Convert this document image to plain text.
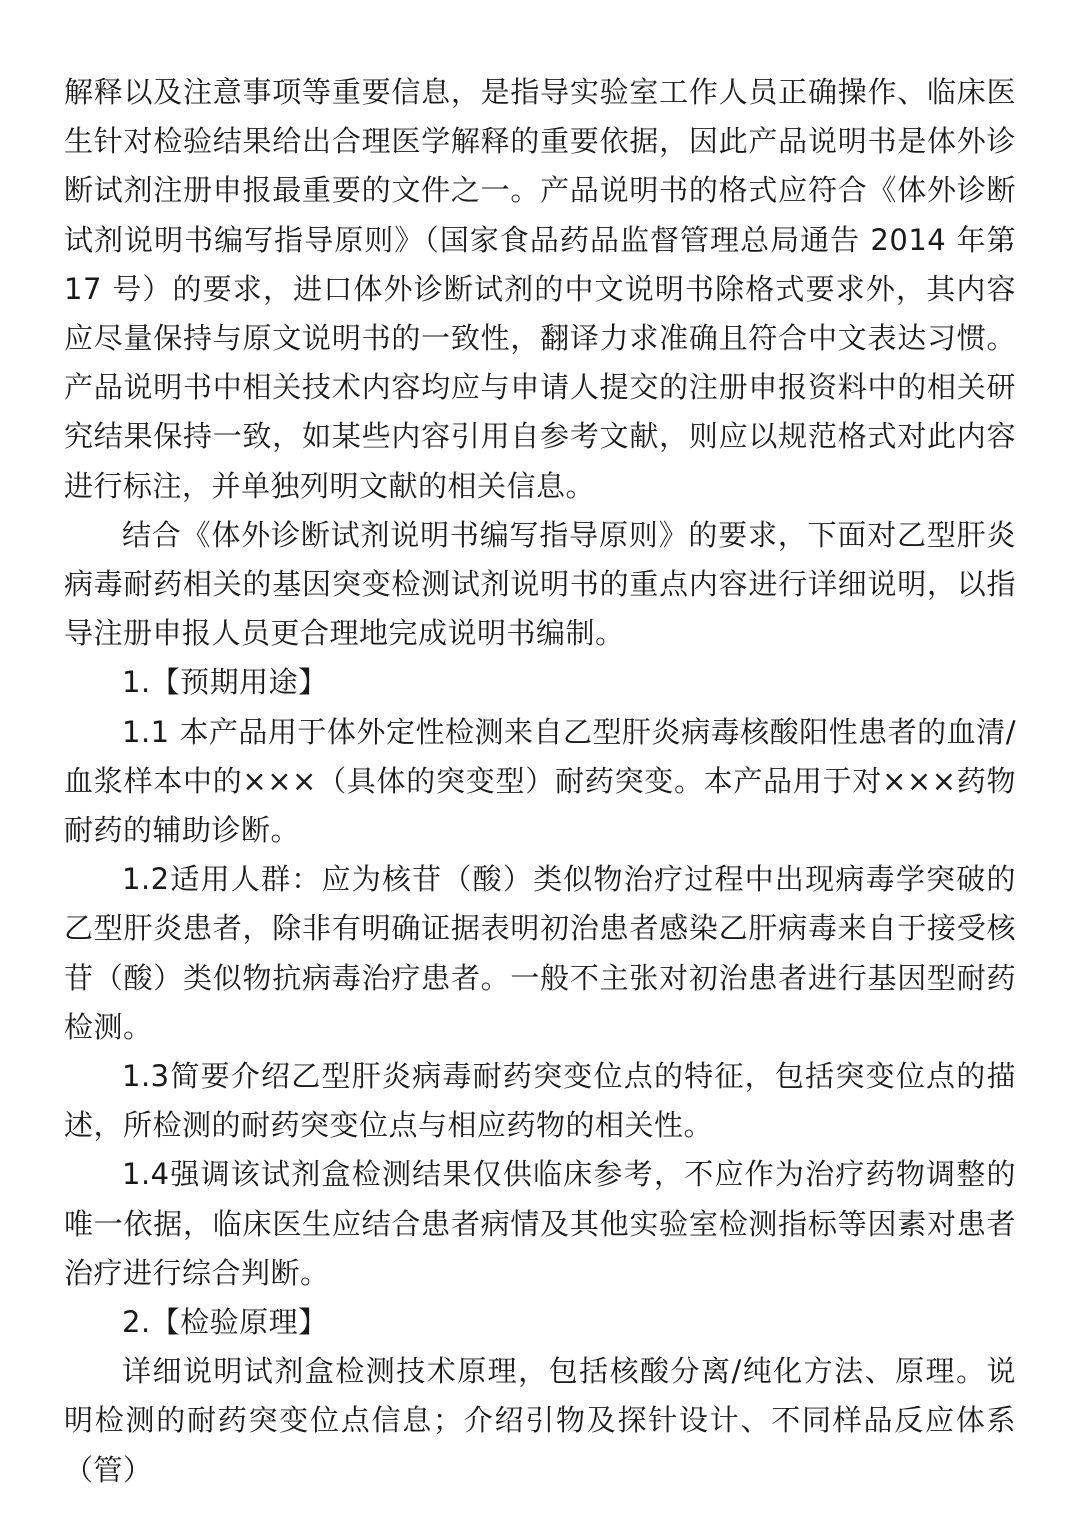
解释以及注意事项等重要信息，是指导实验室工作人员正确操作、临床医生针对检验结果给出合理医学解释的重要依据，因此产品说明书是体外诊断试剂注册申报最重要的文件之一。产品说明书的格式应符合《体外诊断试剂说明书编写指导原则》（国家食品药品监督管理总局通告 2014 年第 17 号）的要求，进口体外诊断试剂的中文说明书除格式要求外，其内容应尽量保持与原文说明书的一致性，翻译力求准确且符合中文表达习惯。产品说明书中相关技术内容均应与申请人提交的注册申报资料中的相关研究结果保持一致，如某些内容引用自参考文献，则应以规范格式对此内容进行标注，并单独列明文献的相关信息。

结合《体外诊断试剂说明书编写指导原则》的要求，下面对乙型肝炎病毒耐药相关的基因突变检测试剂说明书的重点内容进行详细说明，以指导注册申报人员更合理地完成说明书编制。

1.【预期用途】

1.1 本产品用于体外定性检测来自乙型肝炎病毒核酸阳性患者的血清/血浆样本中的×××（具体的突变型）耐药突变。本产品用于对×××药物耐药的辅助诊断。

1.2适用人群：应为核苷（酸）类似物治疗过程中出现病毒学突破的乙型肝炎患者，除非有明确证据表明初治患者感染乙肝病毒来自于接受核苷（酸）类似物抗病毒治疗患者。一般不主张对初治患者进行基因型耐药检测。

1.3简要介绍乙型肝炎病毒耐药突变位点的特征，包括突变位点的描述，所检测的耐药突变位点与相应药物的相关性。

1.4强调该试剂盒检测结果仅供临床参考，不应作为治疗药物调整的唯一依据，临床医生应结合患者病情及其他实验室检测指标等因素对患者治疗进行综合判断。

2.【检验原理】

详细说明试剂盒检测技术原理，包括核酸分离/纯化方法、原理。说明检测的耐药突变位点信息；介绍引物及探针设计、不同样品反应体系（管）
